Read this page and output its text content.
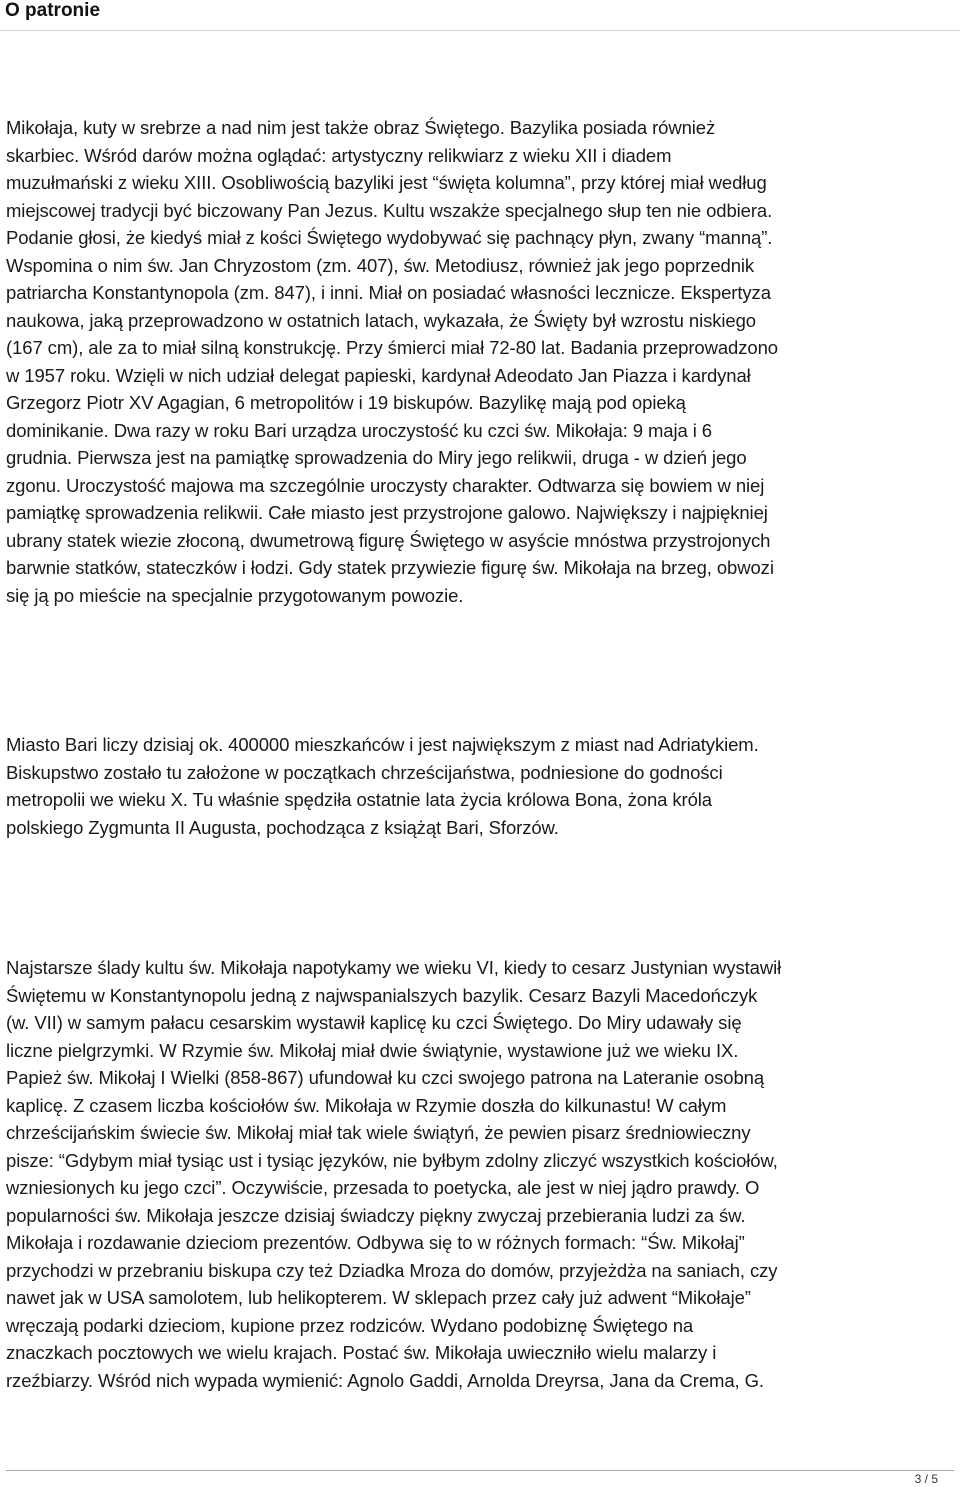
O patronie
Mikołaja, kuty w srebrze a nad nim jest także obraz Świętego. Bazylika posiada również
skarbiec. Wśród darów można oglądać: artystyczny relikwiarz z wieku XII i diadem
muzułmański z wieku XIII. Osobliwością bazyliki jest “święta kolumna”, przy której miał według
miejscowej tradycji być biczowany Pan Jezus. Kultu wszakże specjalnego słup ten nie odbiera.
Podanie głosi, że kiedyś miał z kości Świętego wydobywać się pachnący płyn, zwany “manną”.
Wspomina o nim św. Jan Chryzostom (zm. 407), św. Metodiusz, również jak jego poprzednik
patriarcha Konstantynopola (zm. 847), i inni. Miał on posiadać własności lecznicze. Ekspertyza
naukowa, jaką przeprowadzono w ostatnich latach, wykazała, że Święty był wzrostu niskiego
(167 cm), ale za to miał silną konstrukcję. Przy śmierci miał 72-80 lat. Badania przeprowadzono
w 1957 roku. Wzięli w nich udział delegat papieski, kardynał Adeodato Jan Piazza i kardynał
Grzegorz Piotr XV Agagian, 6 metropolitów i 19 biskupów. Bazylikę mają pod opieką
dominikanie. Dwa razy w roku Bari urządza uroczystość ku czci św. Mikołaja: 9 maja i 6
grudnia. Pierwsza jest na pamiątkę sprowadzenia do Miry jego relikwii, druga - w dzień jego
zgonu. Uroczystość majowa ma szczególnie uroczysty charakter. Odtwarza się bowiem w niej
pamiątkę sprowadzenia relikwii. Całe miasto jest przystrojone galowo. Największy i najpiękniej
ubrany statek wiezie złoconą, dwumetrową figurę Świętego w asyście mnóstwa przystrojonych
barwnie statków, stateczków i łodzi. Gdy statek przywiezie figurę św. Mikołaja na brzeg, obwozi
się ją po mieście na specjalnie przygotowanym powozie.
Miasto Bari liczy dzisiaj ok. 400000 mieszkańców i jest największym z miast nad Adriatykiem.
Biskupstwo zostało tu założone w początkach chrześcijaństwa, podniesione do godności
metropolii we wieku X. Tu właśnie spędziła ostatnie lata życia królowa Bona, żona króla
polskiego Zygmunta II Augusta, pochodząca z książąt Bari, Sforzów.
Najstarsze ślady kultu św. Mikołaja napotykamy we wieku VI, kiedy to cesarz Justynian wystawił
Świętemu w Konstantynopolu jedną z najwspanialszych bazylik. Cesarz Bazyli Macedończyk
(w. VII) w samym pałacu cesarskim wystawił kaplicę ku czci Świętego. Do Miry udawały się
liczne pielgrzymki. W Rzymie św. Mikołaj miał dwie świątynie, wystawione już we wieku IX.
Papież św. Mikołaj I Wielki (858-867) ufundował ku czci swojego patrona na Lateranie osobną
kaplicę. Z czasem liczba kościołów św. Mikołaja w Rzymie doszła do kilkunastu! W całym
chrześcijańskim świecie św. Mikołaj miał tak wiele świątyń, że pewien pisarz średniowieczny
pisze: “Gdybym miał tysiąc ust i tysiąc języków, nie byłbym zdolny zliczyć wszystkich kościołów,
wzniesionych ku jego czci”. Oczywiście, przesada to poetycka, ale jest w niej jądro prawdy. O
popularności św. Mikołaja jeszcze dzisiaj świadczy piękny zwyczaj przebierania ludzi za św.
Mikołaja i rozdawanie dzieciom prezentów. Odbywa się to w różnych formach: “Św. Mikołaj”
przychodzi w przebraniu biskupa czy też Dziadka Mroza do domów, przyjeżdża na saniach, czy
nawet jak w USA samolotem, lub helikopterem. W sklepach przez cały już adwent “Mikołaje”
wręczają podarki dzieciom, kupione przez rodziców. Wydano podobiznę Świętego na
znaczkach pocztowych we wielu krajach. Postać św. Mikołaja uwieczniło wielu malarzy i
rzeźbiarzy. Wśród nich wypada wymienić: Agnolo Gaddi, Arnolda Dreyrsa, Jana da Crema, G.
3 / 5
